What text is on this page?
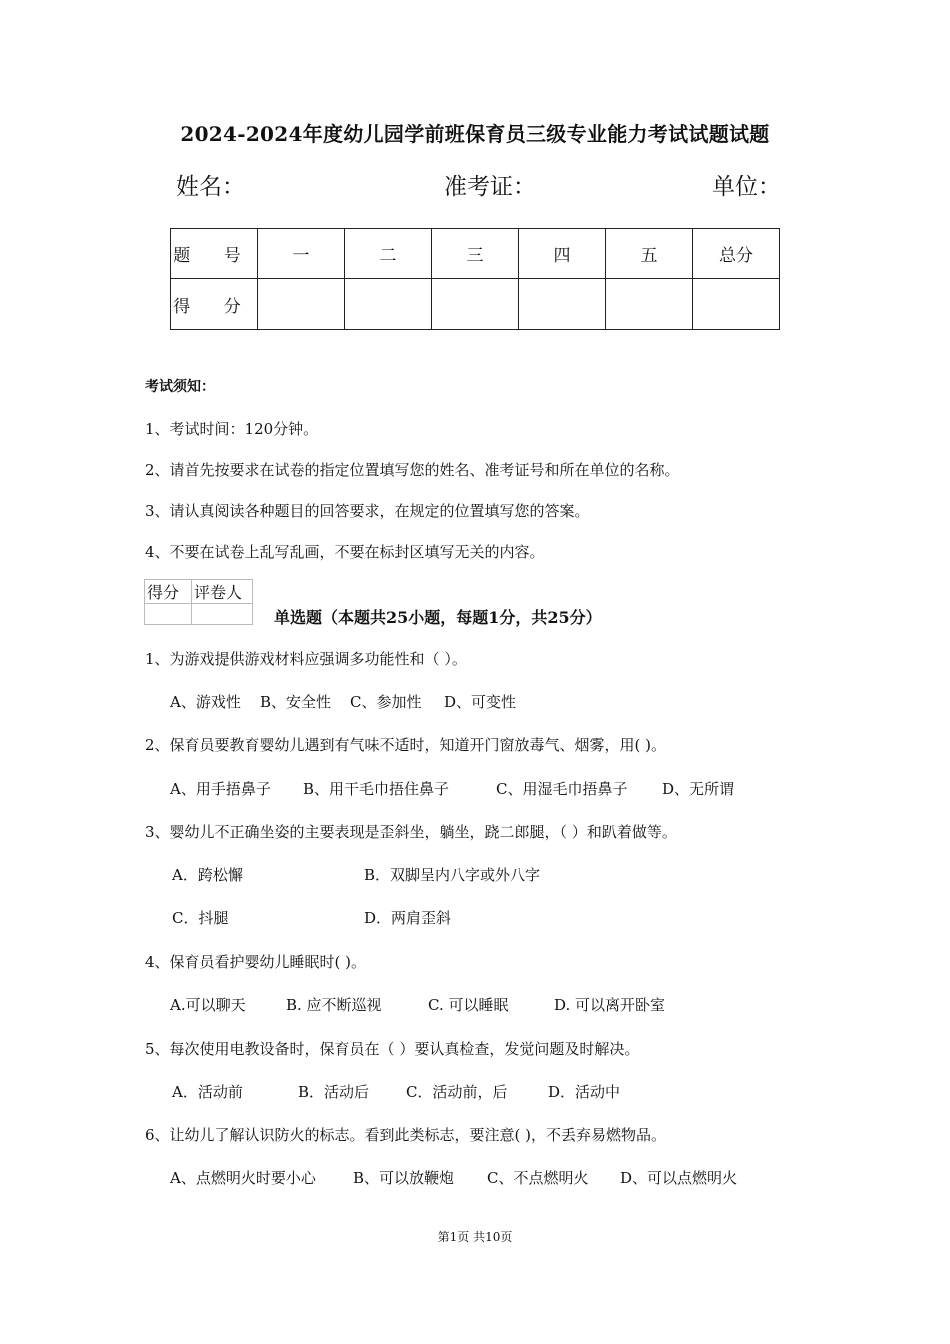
2024-2024年度幼儿园学前班保育员三级专业能力考试试题试题
姓名：	准考证：	单位：
题 号	一	二	三	四	五	总分
得 分						
考试须知：
1、考试时间：120分钟。
2、请首先按要求在试卷的指定位置填写您的姓名、准考证号和所在单位的名称。
3、请认真阅读各种题目的回答要求，在规定的位置填写您的答案。
4、不要在试卷上乱写乱画，不要在标封区填写无关的内容。
得分	评卷人

单选题（本题共25小题，每题1分，共25分）
1、为游戏提供游戏材料应强调多功能性和（ ）。
A、游戏性 B、安全性 C、参加性 D、可变性
2、保育员要教育婴幼儿遇到有气味不适时，知道开门窗放毒气、烟雾，用( )。
A、用手捂鼻子 B、用干毛巾捂住鼻子	C、用湿毛巾捂鼻子 D、无所谓
3、婴幼儿不正确坐姿的主要表现是歪斜坐，躺坐，跷二郎腿，（ ）和趴着做等。
A．跨松懈	B．双脚呈内八字或外八字
C．抖腿	D．两肩歪斜
4、保育员看护婴幼儿睡眠时( )。
A.可以聊天	B. 应不断巡视	C. 可以睡眠	D. 可以离开卧室
5、每次使用电教设备时，保育员在（ ）要认真检查，发觉问题及时解决。
A．活动前	B．活动后 C．活动前，后	D．活动中
6、让幼儿了解认识防火的标志。看到此类标志，要注意( )，不丢弃易燃物品。
A、点燃明火时要小心 B、可以放鞭炮 C、不点燃明火 D、可以点燃明火
第1页 共10页
